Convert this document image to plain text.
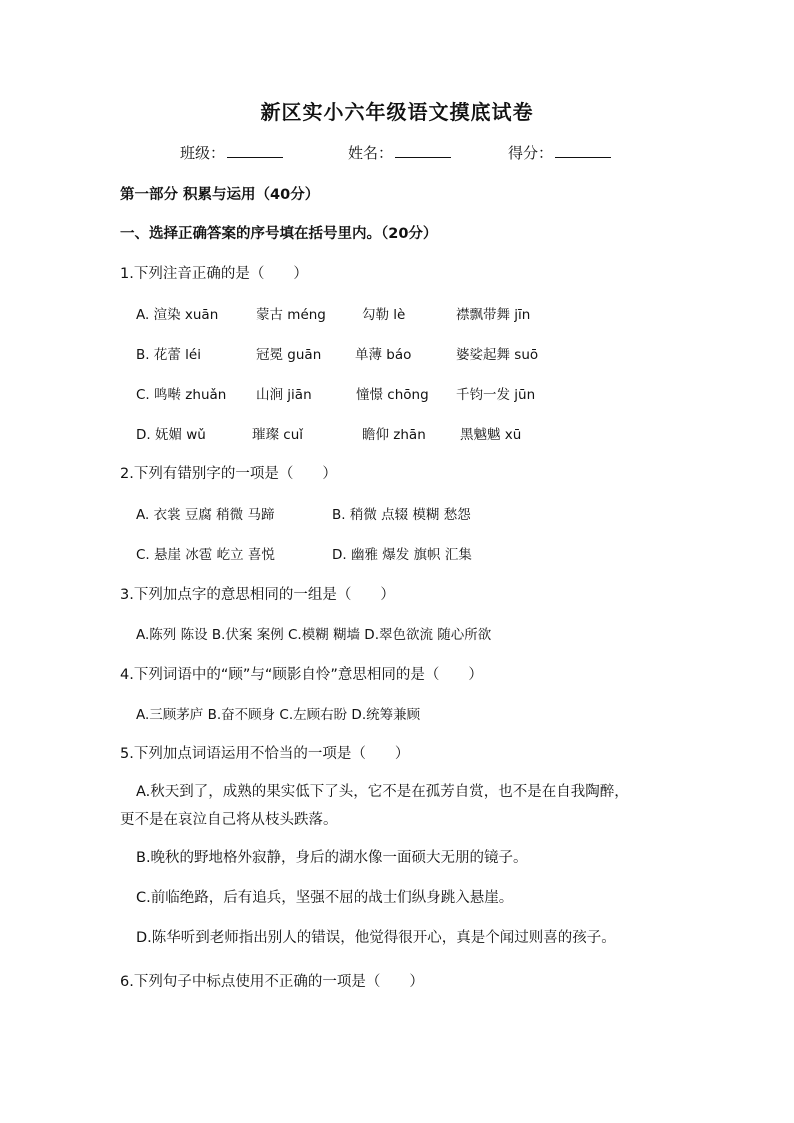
新区实小六年级语文摸底试卷
班级：	姓名：	得分：
第一部分 积累与运用（40分）
一、选择正确答案的序号填在括号里内。（20分）
1.下列注音正确的是（　　）
A. 渲染 xuān	蒙古 méng	勾勒 lè	襟飘带舞 jīn
B. 花蕾 léi	冠冕 guān	单薄 báo	婆娑起舞 suō
C. 鸣啭 zhuǎn 山涧 jiān	憧憬 chōng 千钧一发 jūn
D. 妩媚 wǔ	璀璨 cuǐ	瞻仰 zhān	黑魆魆 xū
2.下列有错别字的一项是（　　）
A. 衣裳 豆腐 稍微 马蹄	B. 稍微 点辍 模糊 愁怨
C. 悬崖 冰雹 屹立 喜悦	D. 幽雅 爆发 旗帜 汇集
3.下列加点字的意思相同的一组是（　　）
A.陈列 陈设 B.伏案 案例 C.模糊 糊墙 D.翠色欲流 随心所欲
4.下列词语中的“顾”与“顾影自怜”意思相同的是（　　）
A.三顾茅庐 B.奋不顾身 C.左顾右盼 D.统筹兼顾
5.下列加点词语运用不恰当的一项是（　　）
A.秋天到了，成熟的果实低下了头，它不是在孤芳自赏，也不是在自我陶醉，
更不是在哀泣自己将从枝头跌落。
B.晚秋的野地格外寂静，身后的湖水像一面硕大无朋的镜子。
C.前临绝路，后有追兵，坚强不屈的战士们纵身跳入悬崖。
D.陈华听到老师指出别人的错误，他觉得很开心，真是个闻过则喜的孩子。
6.下列句子中标点使用不正确的一项是（　　）
